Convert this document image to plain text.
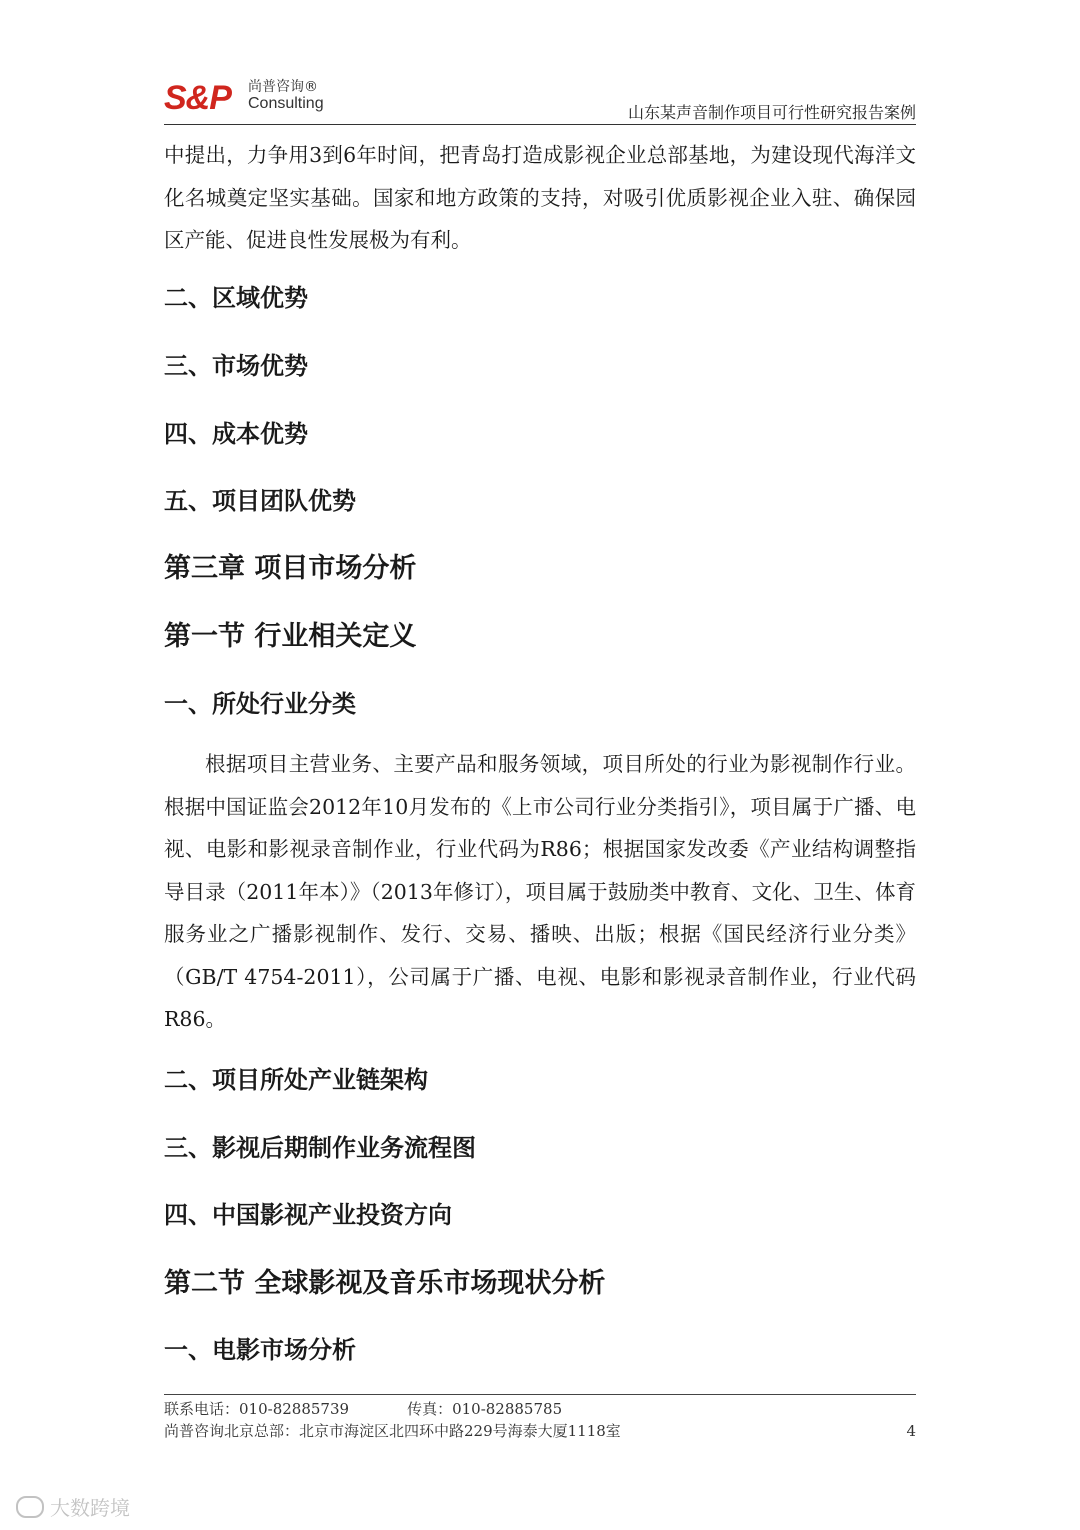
S&P 尚普咨询®
Consulting	山东某声音制作项目可行性研究报告案例

中提出，力争用3到6年时间，把青岛打造成影视企业总部基地，为建设现代海洋文化名城奠定坚实基础。国家和地方政策的支持，对吸引优质影视企业入驻、确保园区产能、促进良性发展极为有利。

二、区域优势
三、市场优势
四、成本优势
五、项目团队优势
第三章 项目市场分析
第一节 行业相关定义
一、所处行业分类

根据项目主营业务、主要产品和服务领域，项目所处的行业为影视制作行业。根据中国证监会2012年10月发布的《上市公司行业分类指引》，项目属于广播、电视、电影和影视录音制作业，行业代码为R86；根据国家发改委《产业结构调整指导目录（2011年本）》（2013年修订），项目属于鼓励类中教育、文化、卫生、体育服务业之广播影视制作、发行、交易、播映、出版；根据《国民经济行业分类》（GB/T 4754-2011），公司属于广播、电视、电影和影视录音制作业，行业代码R86。

二、项目所处产业链架构
三、影视后期制作业务流程图
四、中国影视产业投资方向
第二节 全球影视及音乐市场现状分析
一、电影市场分析
联系电话：010-82885739	传真：010-82885785
尚普咨询北京总部：北京市海淀区北四环中路229号海泰大厦1118室	4
大数跨境
